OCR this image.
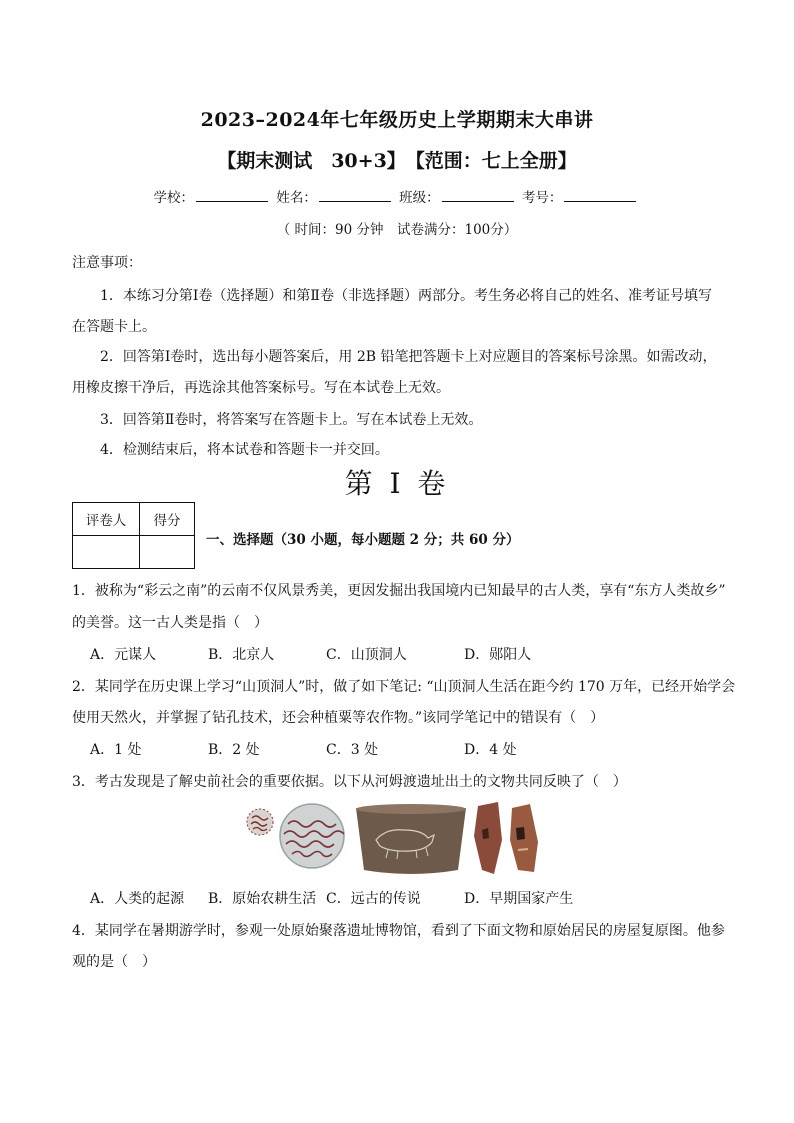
2023–2024年七年级历史上学期期末大串讲
【期末测试　30+3】　【范围：七上全册】
学校：	姓名：	班级：	考号：
（ 时间：90 分钟　试卷满分：100分）
注意事项：
1．本练习分第Ⅰ卷（选择题）和第Ⅱ卷（非选择题）两部分。考生务必将自己的姓名、准考证号填写
在答题卡上。
2．回答第Ⅰ卷时，选出每小题答案后，用 2B 铅笔把答题卡上对应题目的答案标号涂黑。如需改动，
用橡皮擦干净后，再选涂其他答案标号。写在本试卷上无效。
3．回答第Ⅱ卷时，将答案写在答题卡上。写在本试卷上无效。
4．检测结束后，将本试卷和答题卡一并交回。
第 I 卷
评卷人	得分

一、选择题（30 小题，每小题题 2 分；共 60 分）
1．被称为“彩云之南”的云南不仅风景秀美，更因发掘出我国境内已知最早的古人类，享有“东方人类故乡”
的美誉。这一古人类是指（　）
A．元谋人	B．北京人	C．山顶洞人	D．郧阳人
2．某同学在历史课上学习“山顶洞人”时，做了如下笔记: “山顶洞人生活在距今约 170 万年，已经开始学会
使用天然火，并掌握了钻孔技术，还会种植粟等农作物。”该同学笔记中的错误有（　）
A．1 处	B．2 处	C．3 处	D．4 处
3．考古发现是了解史前社会的重要依据。以下从河姆渡遗址出土的文物共同反映了（　）
A．人类的起源 B．原始农耕生活 C．远古的传说	D．早期国家产生
4．某同学在暑期游学时，参观一处原始聚落遗址博物馆，看到了下面文物和原始居民的房屋复原图。他参
观的是（　）
